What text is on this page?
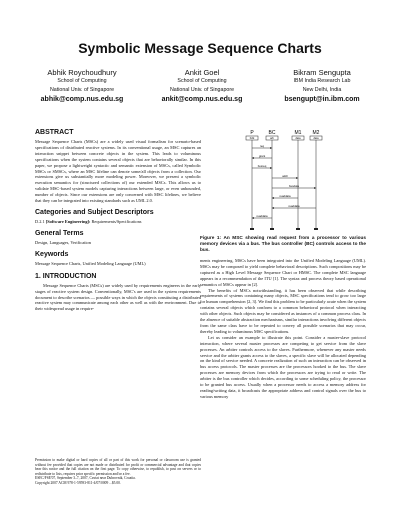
Symbolic Message Sequence Charts
Abhik Roychoudhury
School of Computing
National Univ. of Singapore
abhik@comp.nus.edu.sg
Ankit Goel
School of Computing
National Univ. of Singapore
ankit@comp.nus.edu.sg
Bikram Sengupta
IBM India Research Lab
New Delhi, India
bsengupt@in.ibm.com
ABSTRACT

Message Sequence Charts (MSCs) are a widely used visual formalism for scenario-based specifications of distributed reactive systems. In its conventional usage, an MSC captures an interaction snippet between concrete objects in the system. This leads to voluminous specifications when the system contains several objects that are behaviorally similar. In this paper, we propose a lightweight syntactic and semantic extension of MSCs, called Symbolic MSCs or SMSCs, where an MSC lifeline can denote some/all objects from a collection. Our extensions give us substantially more modeling power. Moreover, we present a symbolic execution semantics for (structured collections of) our extended MSCs. This allows us to validate MSC-based system models capturing interactions between large, or even unbounded, number of objects. Since our extensions are only concerned with MSC lifelines, we believe that they can be integrated into existing standards such as UML 2.0.

Categories and Subject Descriptors

D.2.1 [Software Engineering]: Requirements/Specifications

General Terms

Design, Languages, Verification

Keywords

Message Sequence Charts, Unified Modeling Language (UML)

1. INTRODUCTION

Message Sequence Charts (MSCs) are widely used by requirements engineers in the early stages of reactive system design. Conventionally, MSC's are used in the system requirements document to describe scenarios — possible ways in which the objects constituting a distributed reactive system may communicate among each other as well as with the environment. Due to their widespread usage in require-

Permission to make digital or hard copies of all or part of this work for personal or classroom use is granted without fee provided that copies are not made or distributed for profit or commercial advantage and that copies bear this notice and the full citation on the first page. To copy otherwise, to republish, to post on servers or to redistribute to lists, requires prior specific permission and/or a fee.

ESEC/FSE'07, September 3–7, 2007, Cavtat near Dubrovnik, Croatia.

Copyright 2007 ACM 978-1-59593-811-4/07/0009 ...$5.00.

P
hclk
BC
arb
M1
data
M2
data
req
grant
busreq
addr
busdata
readdata
readdata
readdata
Figure 1: An MSC showing read request from a processor to various memory devices via a bus. The bus controller (BC) controls access to the bus.

ments engineering, MSCs have been integrated into the Unified Modeling Language (UML). MSCs may be composed to yield complete behavioral descriptions. Such compositions may be captured as a High Level Message Sequence Chart or HMSC. The complete MSC language appears in a recommendation of the ITU [1]. The syntax and process theory based operational semantics of MSCs appear in [2].

The benefits of MSCs notwithstanding, it has been observed that while describing requirements of systems containing many objects, MSC specifications tend to grow too large for human comprehension [2, 3]. We find this problem to be particularly acute when the system contains several objects which conform to a common behavioral protocol when interacting with other objects. Such objects may be considered as instances of a common process class. In the absence of suitable abstraction mechanisms, similar interactions involving different objects from the same class have to be repeated to convey all possible scenarios that may occur, thereby leading to voluminous MSC specifications.

Let us consider an example to illustrate this point. Consider a master-slave protocol interaction, where several master processes are competing to get service from the slave processes. An arbiter controls access to the slaves. Furthermore, whenever any master needs service and the arbiter grants access to the slaves, a specific slave will be allocated depending on the kind of service needed. A concrete realization of such an interaction can be observed in bus access protocols. The master processes are the processors hooked to the bus. The slave processes are memory devices from which the processors are trying to read or write. The arbiter is the bus controller which decides, according to some scheduling policy, the processor to be granted bus access. Usually when a processor needs to access a memory address for reading/writing data, it broadcasts the appropriate address and control signals over the bus to various memory
